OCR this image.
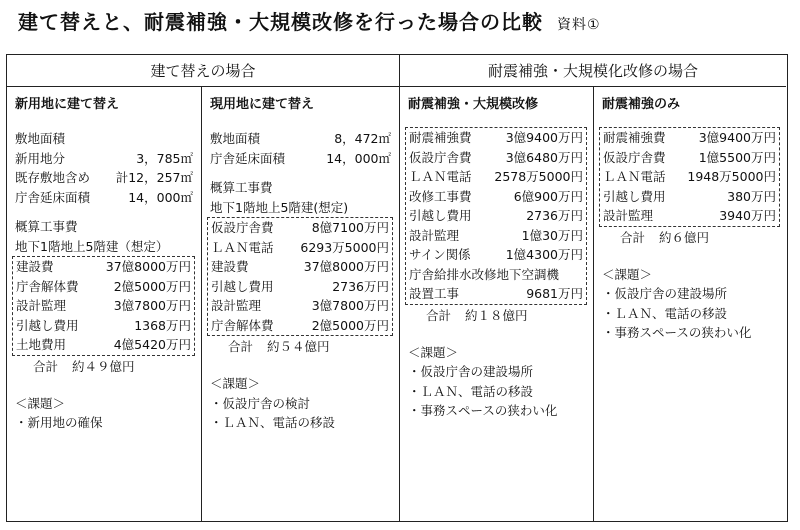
建て替えと、耐震補強・大規模改修を行った場合の比較 資料①
建て替えの場合	耐震補強・大規模化改修の場合
新用地に建て替え
敷地面積
新用地分	3，785㎡
既存敷地含め 計12，257㎡
庁舎延床面積	14，000㎡
概算工事費
地下1階地上5階建（想定）
建設費	37億8000万円
庁舎解体費	2億5000万円
設計監理	3億7800万円
引越し費用	1368万円
土地費用	4億5420万円
合計 約４９億円
＜課題＞
・新用地の確保
現用地に建て替え
敷地面積	8，472㎡
庁舎延床面積	14，000㎡
概算工事費
地下1階地上5階建(想定)
仮設庁舎費	8億7100万円
ＬＡＮ電話 6293万5000円
建設費	37億8000万円
引越し費用	2736万円
設計監理	3億7800万円
庁舎解体費	2億5000万円
合計 約５４億円
＜課題＞
・仮設庁舎の検討
・ＬＡＮ、電話の移設
耐震補強・大規模改修
耐震補強費	3億9400万円
仮設庁舎費	3億6480万円
ＬＡＮ電話 2578万5000円
改修工事費	6億900万円
引越し費用	2736万円
設計監理	1億30万円
サイン関係	1億4300万円
庁舎給排水改修地下空調機
設置工事	9681万円
合計 約１８億円
＜課題＞
・仮設庁舎の建設場所
・ＬＡＮ、電話の移設
・事務スペースの狭わい化
耐震補強のみ
耐震補強費	3億9400万円
仮設庁舎費	1億5500万円
ＬＡＮ電話 1948万5000円
引越し費用	380万円
設計監理	3940万円
合計 約６億円
＜課題＞
・仮設庁舎の建設場所
・ＬＡＮ、電話の移設
・事務スペースの狭わい化
